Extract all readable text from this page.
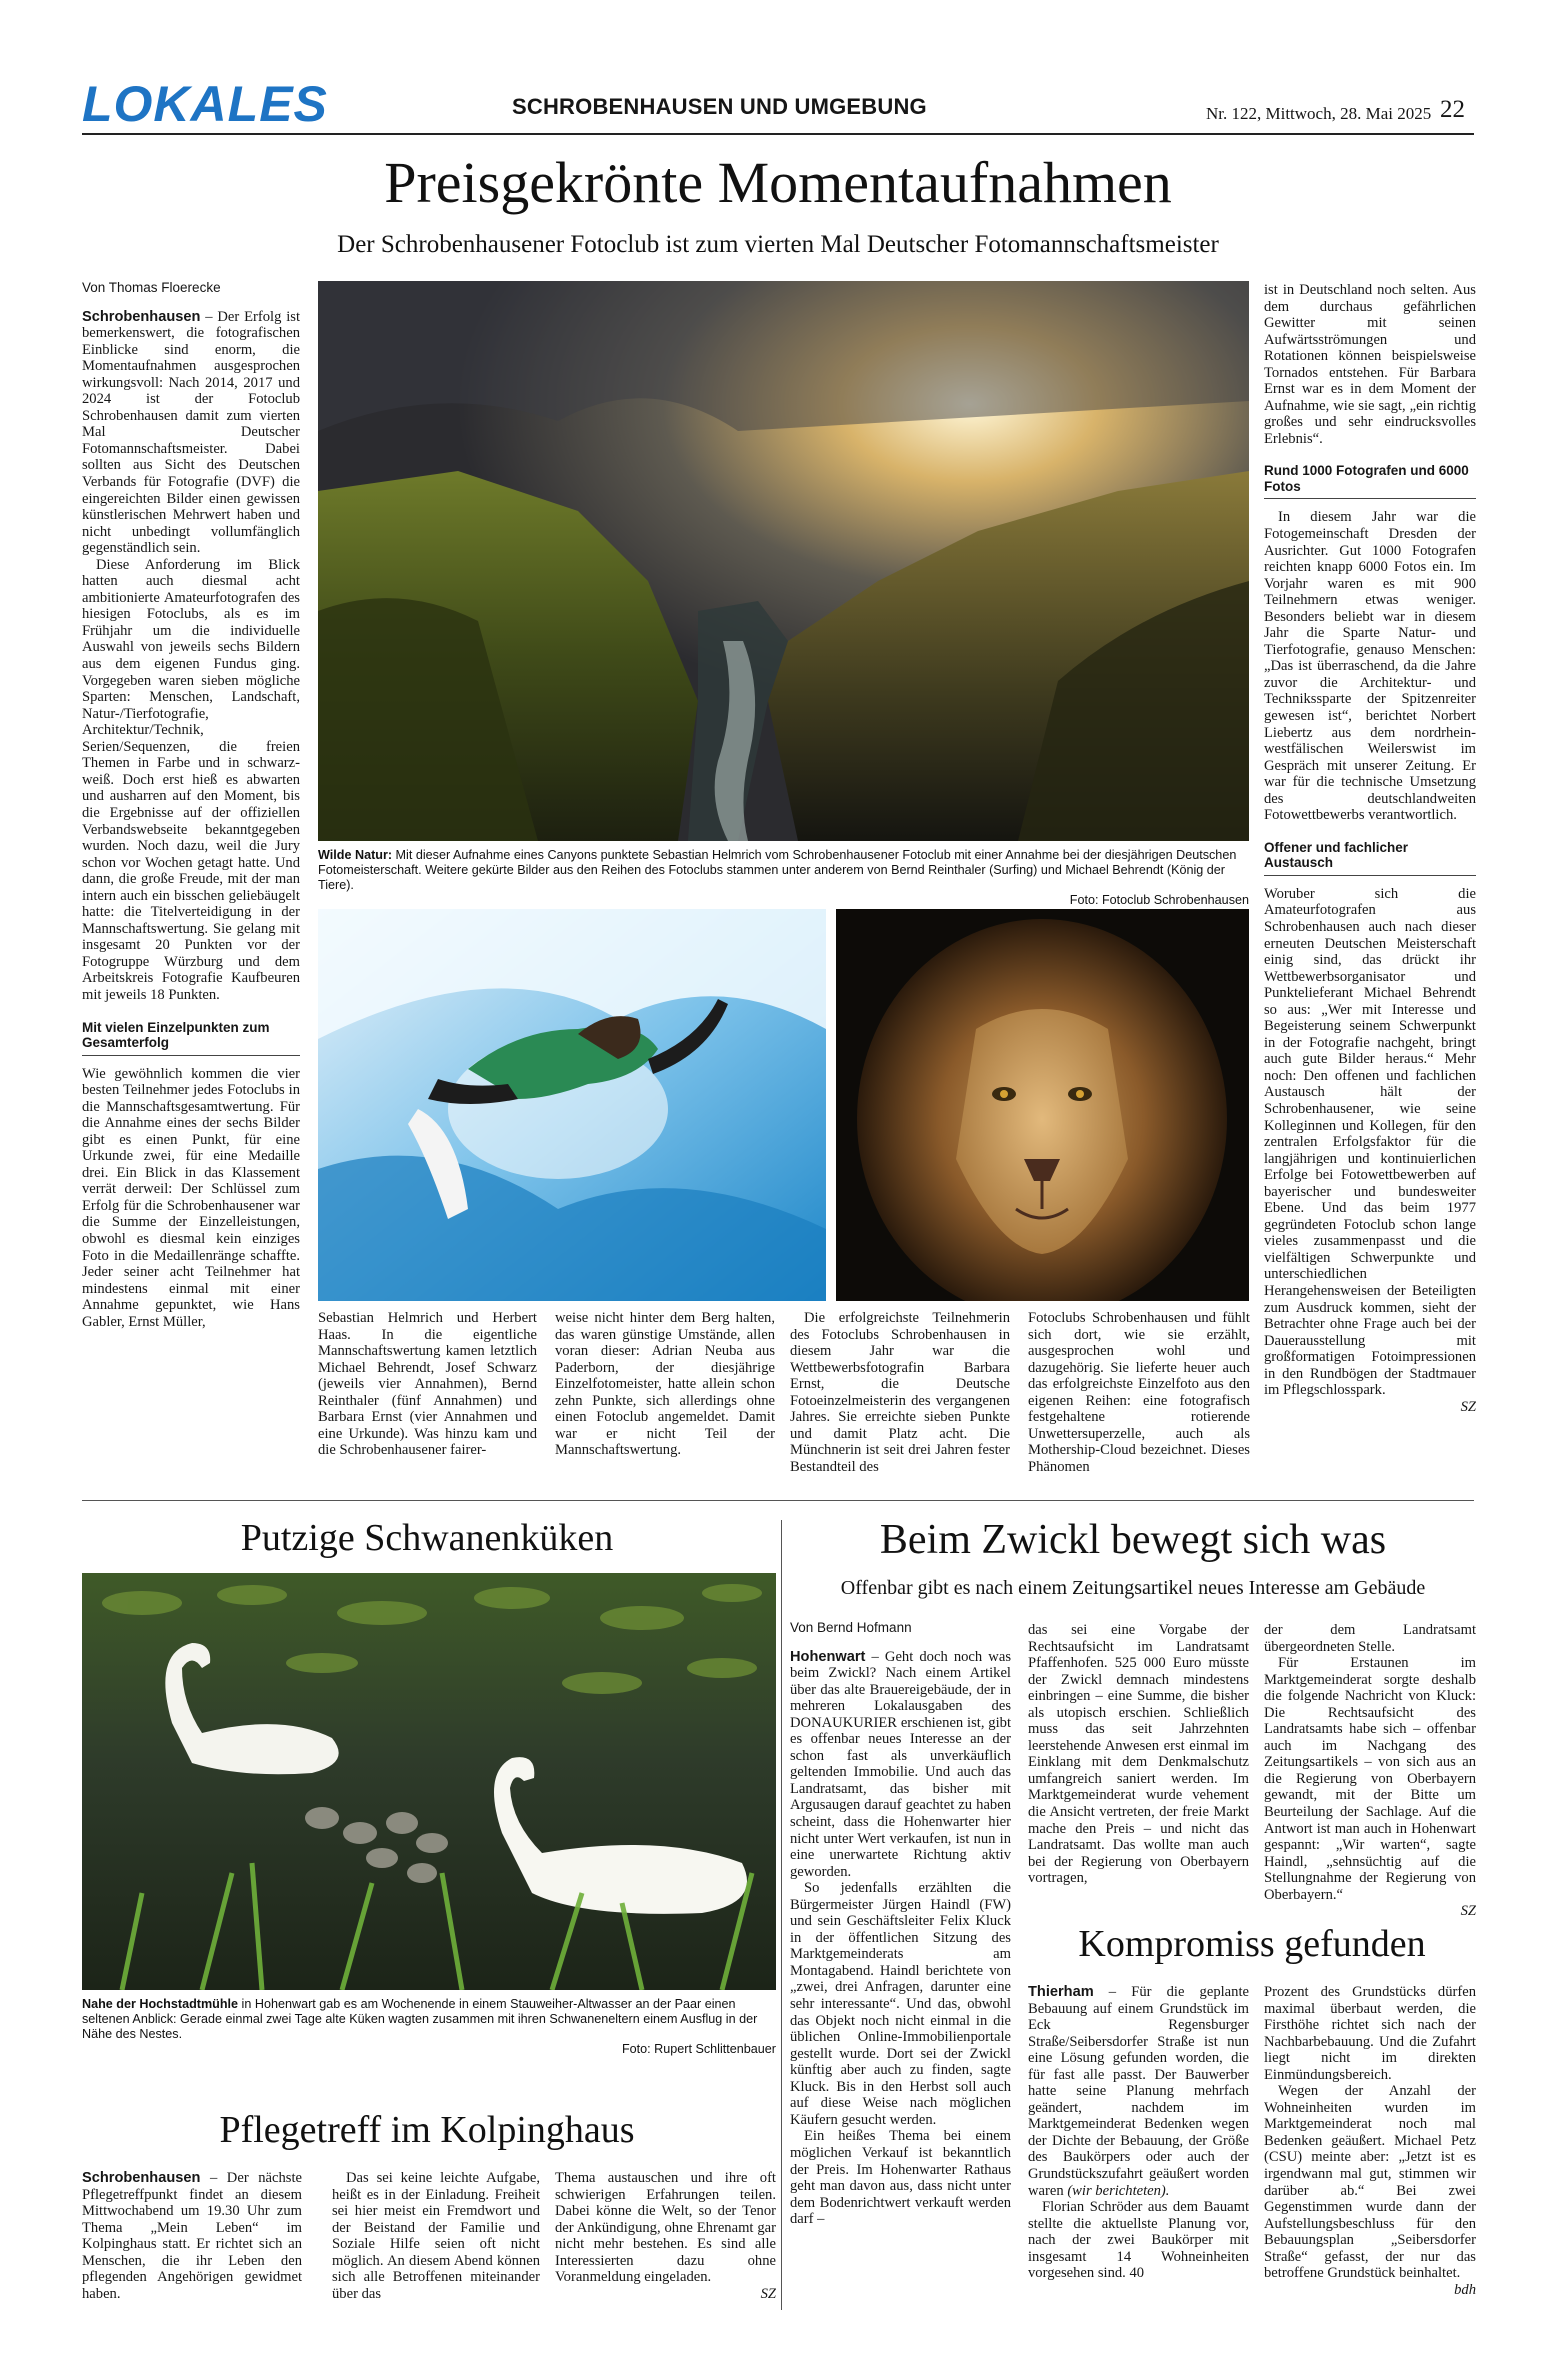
LOKALES	SCHROBENHAUSEN UND UMGEBUNG	Nr. 122, Mittwoch, 28. Mai 2025 22
Preisgekrönte Momentaufnahmen
Der Schrobenhausener Fotoclub ist zum vierten Mal Deutscher Fotomannschaftsmeister
Von Thomas Floerecke

Schrobenhausen – Der Erfolg ist bemerkenswert, die fotografischen Einblicke sind enorm, die Momentaufnahmen ausgesprochen wirkungsvoll: Nach 2014, 2017 und 2024 ist der Fotoclub Schrobenhausen damit zum vierten Mal Deutscher Fotomannschaftsmeister. Dabei sollten aus Sicht des Deutschen Verbands für Fotografie (DVF) die eingereichten Bilder einen gewissen künstlerischen Mehrwert haben und nicht unbedingt vollumfänglich gegenständlich sein.

Diese Anforderung im Blick hatten auch diesmal acht ambitionierte Amateurfotografen des hiesigen Fotoclubs, als es im Frühjahr um die individuelle Auswahl von jeweils sechs Bildern aus dem eigenen Fundus ging. Vorgegeben waren sieben mögliche Sparten: Menschen, Landschaft, Natur-/Tierfotografie, Architektur/Technik, Serien/Sequenzen, die freien Themen in Farbe und in schwarz-weiß. Doch erst hieß es abwarten und ausharren auf den Moment, bis die Ergebnisse auf der offiziellen Verbandswebseite bekanntgegeben wurden. Noch dazu, weil die Jury schon vor Wochen getagt hatte. Und dann, die große Freude, mit der man intern auch ein bisschen geliebäugelt hatte: die Titelverteidigung in der Mannschaftswertung. Sie gelang mit insgesamt 20 Punkten vor der Fotogruppe Würzburg und dem Arbeitskreis Fotografie Kaufbeuren mit jeweils 18 Punkten.

Mit vielen Einzelpunkten zum Gesamterfolg

Wie gewöhnlich kommen die vier besten Teilnehmer jedes Fotoclubs in die Mannschaftsgesamtwertung. Für die Annahme eines der sechs Bilder gibt es einen Punkt, für eine Urkunde zwei, für eine Medaille drei. Ein Blick in das Klassement verrät derweil: Der Schlüssel zum Erfolg für die Schrobenhausener war die Summe der Einzelleistungen, obwohl es diesmal kein einziges Foto in die Medaillenränge schaffte. Jeder seiner acht Teilnehmer hat mindestens einmal mit einer Annahme gepunktet, wie Hans Gabler, Ernst Müller,

Wilde Natur: Mit dieser Aufnahme eines Canyons punktete Sebastian Helmrich vom Schrobenhausener Fotoclub mit einer Annahme bei der diesjährigen Deutschen Fotomeisterschaft. Weitere gekürte Bilder aus den Reihen des Fotoclubs stammen unter anderem von Bernd Reinthaler (Surfing) und Michael Behrendt (König der Tiere).
Foto: Fotoclub Schrobenhausen

Sebastian Helmrich und Herbert Haas. In die eigentliche Mannschaftswertung kamen letztlich Michael Behrendt, Josef Schwarz (jeweils vier Annahmen), Bernd Reinthaler (fünf Annahmen) und Barbara Ernst (vier Annahmen und eine Urkunde). Was hinzu kam und die Schrobenhausener fairer-

weise nicht hinter dem Berg halten, das waren günstige Umstände, allen voran dieser: Adrian Neuba aus Paderborn, der diesjährige Einzelfotomeister, hatte allein schon zehn Punkte, sich allerdings ohne einen Fotoclub angemeldet. Damit war er nicht Teil der Mannschaftswertung.

Die erfolgreichste Teilnehmerin des Fotoclubs Schrobenhausen in diesem Jahr war die Wettbewerbsfotografin Barbara Ernst, die Deutsche Fotoeinzelmeisterin des vergangenen Jahres. Sie erreichte sieben Punkte und damit Platz acht. Die Münchnerin ist seit drei Jahren fester Bestandteil des

Fotoclubs Schrobenhausen und fühlt sich dort, wie sie erzählt, ausgesprochen wohl und dazugehörig. Sie lieferte heuer auch das erfolgreichste Einzelfoto aus den eigenen Reihen: eine fotografisch festgehaltene rotierende Unwettersuperzelle, auch als Mothership-Cloud bezeichnet. Dieses Phänomen

ist in Deutschland noch selten. Aus dem durchaus gefährlichen Gewitter mit seinen Aufwärtsströmungen und Rotationen können beispielsweise Tornados entstehen. Für Barbara Ernst war es in dem Moment der Aufnahme, wie sie sagt, „ein richtig großes und sehr eindrucksvolles Erlebnis“.

Rund 1000 Fotografen und 6000 Fotos

In diesem Jahr war die Fotogemeinschaft Dresden der Ausrichter. Gut 1000 Fotografen reichten knapp 6000 Fotos ein. Im Vorjahr waren es mit 900 Teilnehmern etwas weniger. Besonders beliebt war in diesem Jahr die Sparte Natur- und Tierfotografie, genauso Menschen: „Das ist überraschend, da die Jahre zuvor die Architektur- und Technikssparte der Spitzenreiter gewesen ist“, berichtet Norbert Liebertz aus dem nordrhein-westfälischen Weilerswist im Gespräch mit unserer Zeitung. Er war für die technische Umsetzung des deutschlandweiten Fotowettbewerbs verantwortlich.

Offener und fachlicher Austausch

Woruber sich die Amateurfotografen aus Schrobenhausen auch nach dieser erneuten Deutschen Meisterschaft einig sind, das drückt ihr Wettbewerbsorganisator und Punktelieferant Michael Behrendt so aus: „Wer mit Interesse und Begeisterung seinem Schwerpunkt in der Fotografie nachgeht, bringt auch gute Bilder heraus.“ Mehr noch: Den offenen und fachlichen Austausch hält der Schrobenhausener, wie seine Kolleginnen und Kollegen, für den zentralen Erfolgsfaktor für die langjährigen und kontinuierlichen Erfolge bei Fotowettbewerben auf bayerischer und bundesweiter Ebene. Und das beim 1977 gegründeten Fotoclub schon lange vieles zusammenpasst und die vielfältigen Schwerpunkte und unterschiedlichen Herangehensweisen der Beteiligten zum Ausdruck kommen, sieht der Betrachter ohne Frage auch bei der Dauerausstellung mit großformatigen Fotoimpressionen in den Rundbögen der Stadtmauer im Pflegschlosspark.

SZ

Putzige Schwanenküken
Nahe der Hochstadtmühle in Hohenwart gab es am Wochenende in einem Stauweiher-Altwasser an der Paar einen seltenen Anblick: Gerade einmal zwei Tage alte Küken wagten zusammen mit ihren Schwaneneltern einem Ausflug in der Nähe des Nestes.
Foto: Rupert Schlittenbauer
Pflegetreff im Kolpinghaus

Schrobenhausen – Der nächste Pflegetreffpunkt findet an diesem Mittwochabend um 19.30 Uhr zum Thema „Mein Leben“ im Kolpinghaus statt. Er richtet sich an Menschen, die ihr Leben den pflegenden Angehörigen gewidmet haben.

Das sei keine leichte Aufgabe, heißt es in der Einladung. Freiheit sei hier meist ein Fremdwort und der Beistand der Familie und Soziale Hilfe seien oft nicht möglich. An diesem Abend können sich alle Betroffenen miteinander über das

Thema austauschen und ihre oft schwierigen Erfahrungen teilen. Dabei könne die Welt, so der Tenor der Ankündigung, ohne Ehrenamt gar nicht mehr bestehen. Es sind alle Interessierten dazu ohne Voranmeldung eingeladen.

SZ

Beim Zwickl bewegt sich was
Offenbar gibt es nach einem Zeitungsartikel neues Interesse am Gebäude
Von Bernd Hofmann

Hohenwart – Geht doch noch was beim Zwickl? Nach einem Artikel über das alte Brauereigebäude, der in mehreren Lokalausgaben des DONAUKURIER erschienen ist, gibt es offenbar neues Interesse an der schon fast als unverkäuflich geltenden Immobilie. Und auch das Landratsamt, das bisher mit Argusaugen darauf geachtet zu haben scheint, dass die Hohenwarter hier nicht unter Wert verkaufen, ist nun in eine unerwartete Richtung aktiv geworden.

So jedenfalls erzählten die Bürgermeister Jürgen Haindl (FW) und sein Geschäftsleiter Felix Kluck in der öffentlichen Sitzung des Marktgemeinderats am Montagabend. Haindl berichtete von „zwei, drei Anfragen, darunter eine sehr interessante“. Und das, obwohl das Objekt noch nicht einmal in die üblichen Online-Immobilienportale gestellt wurde. Dort sei der Zwickl künftig aber auch zu finden, sagte Kluck. Bis in den Herbst soll auch auf diese Weise nach möglichen Käufern gesucht werden.

Ein heißes Thema bei einem möglichen Verkauf ist bekanntlich der Preis. Im Hohenwarter Rathaus geht man davon aus, dass nicht unter dem Bodenrichtwert verkauft werden darf –

das sei eine Vorgabe der Rechtsaufsicht im Landratsamt Pfaffenhofen. 525 000 Euro müsste der Zwickl demnach mindestens einbringen – eine Summe, die bisher als utopisch erschien. Schließlich muss das seit Jahrzehnten leerstehende Anwesen erst einmal im Einklang mit dem Denkmalschutz umfangreich saniert werden. Im Marktgemeinderat wurde vehement die Ansicht vertreten, der freie Markt mache den Preis – und nicht das Landratsamt. Das wollte man auch bei der Regierung von Oberbayern vortragen,

der dem Landratsamt übergeordneten Stelle.

Für Erstaunen im Marktgemeinderat sorgte deshalb die folgende Nachricht von Kluck: Die Rechtsaufsicht des Landratsamts habe sich – offenbar auch im Nachgang des Zeitungsartikels – von sich aus an die Regierung von Oberbayern gewandt, mit der Bitte um Beurteilung der Sachlage. Auf die Antwort ist man auch in Hohenwart gespannt: „Wir warten“, sagte Haindl, „sehnsüchtig auf die Stellungnahme der Regierung von Oberbayern.“

SZ

Kompromiss gefunden

Thierham – Für die geplante Bebauung auf einem Grundstück im Eck Regensburger Straße/Seibersdorfer Straße ist nun eine Lösung gefunden worden, die für fast alle passt. Der Bauwerber hatte seine Planung mehrfach geändert, nachdem im Marktgemeinderat Bedenken wegen der Dichte der Bebauung, der Größe des Baukörpers oder auch der Grundstückszufahrt geäußert worden waren (wir berichteten).

Florian Schröder aus dem Bauamt stellte die aktuellste Planung vor, nach der zwei Baukörper mit insgesamt 14 Wohneinheiten vorgesehen sind. 40

Prozent des Grundstücks dürfen maximal überbaut werden, die Firsthöhe richtet sich nach der Nachbarbebauung. Und die Zufahrt liegt nicht im direkten Einmündungsbereich.

Wegen der Anzahl der Wohneinheiten wurden im Marktgemeinderat noch mal Bedenken geäußert. Michael Petz (CSU) meinte aber: „Jetzt ist es irgendwann mal gut, stimmen wir darüber ab.“ Bei zwei Gegenstimmen wurde dann der Aufstellungsbeschluss für den Bebauungsplan „Seibersdorfer Straße“ gefasst, der nur das betroffene Grundstück beinhaltet.

bdh
